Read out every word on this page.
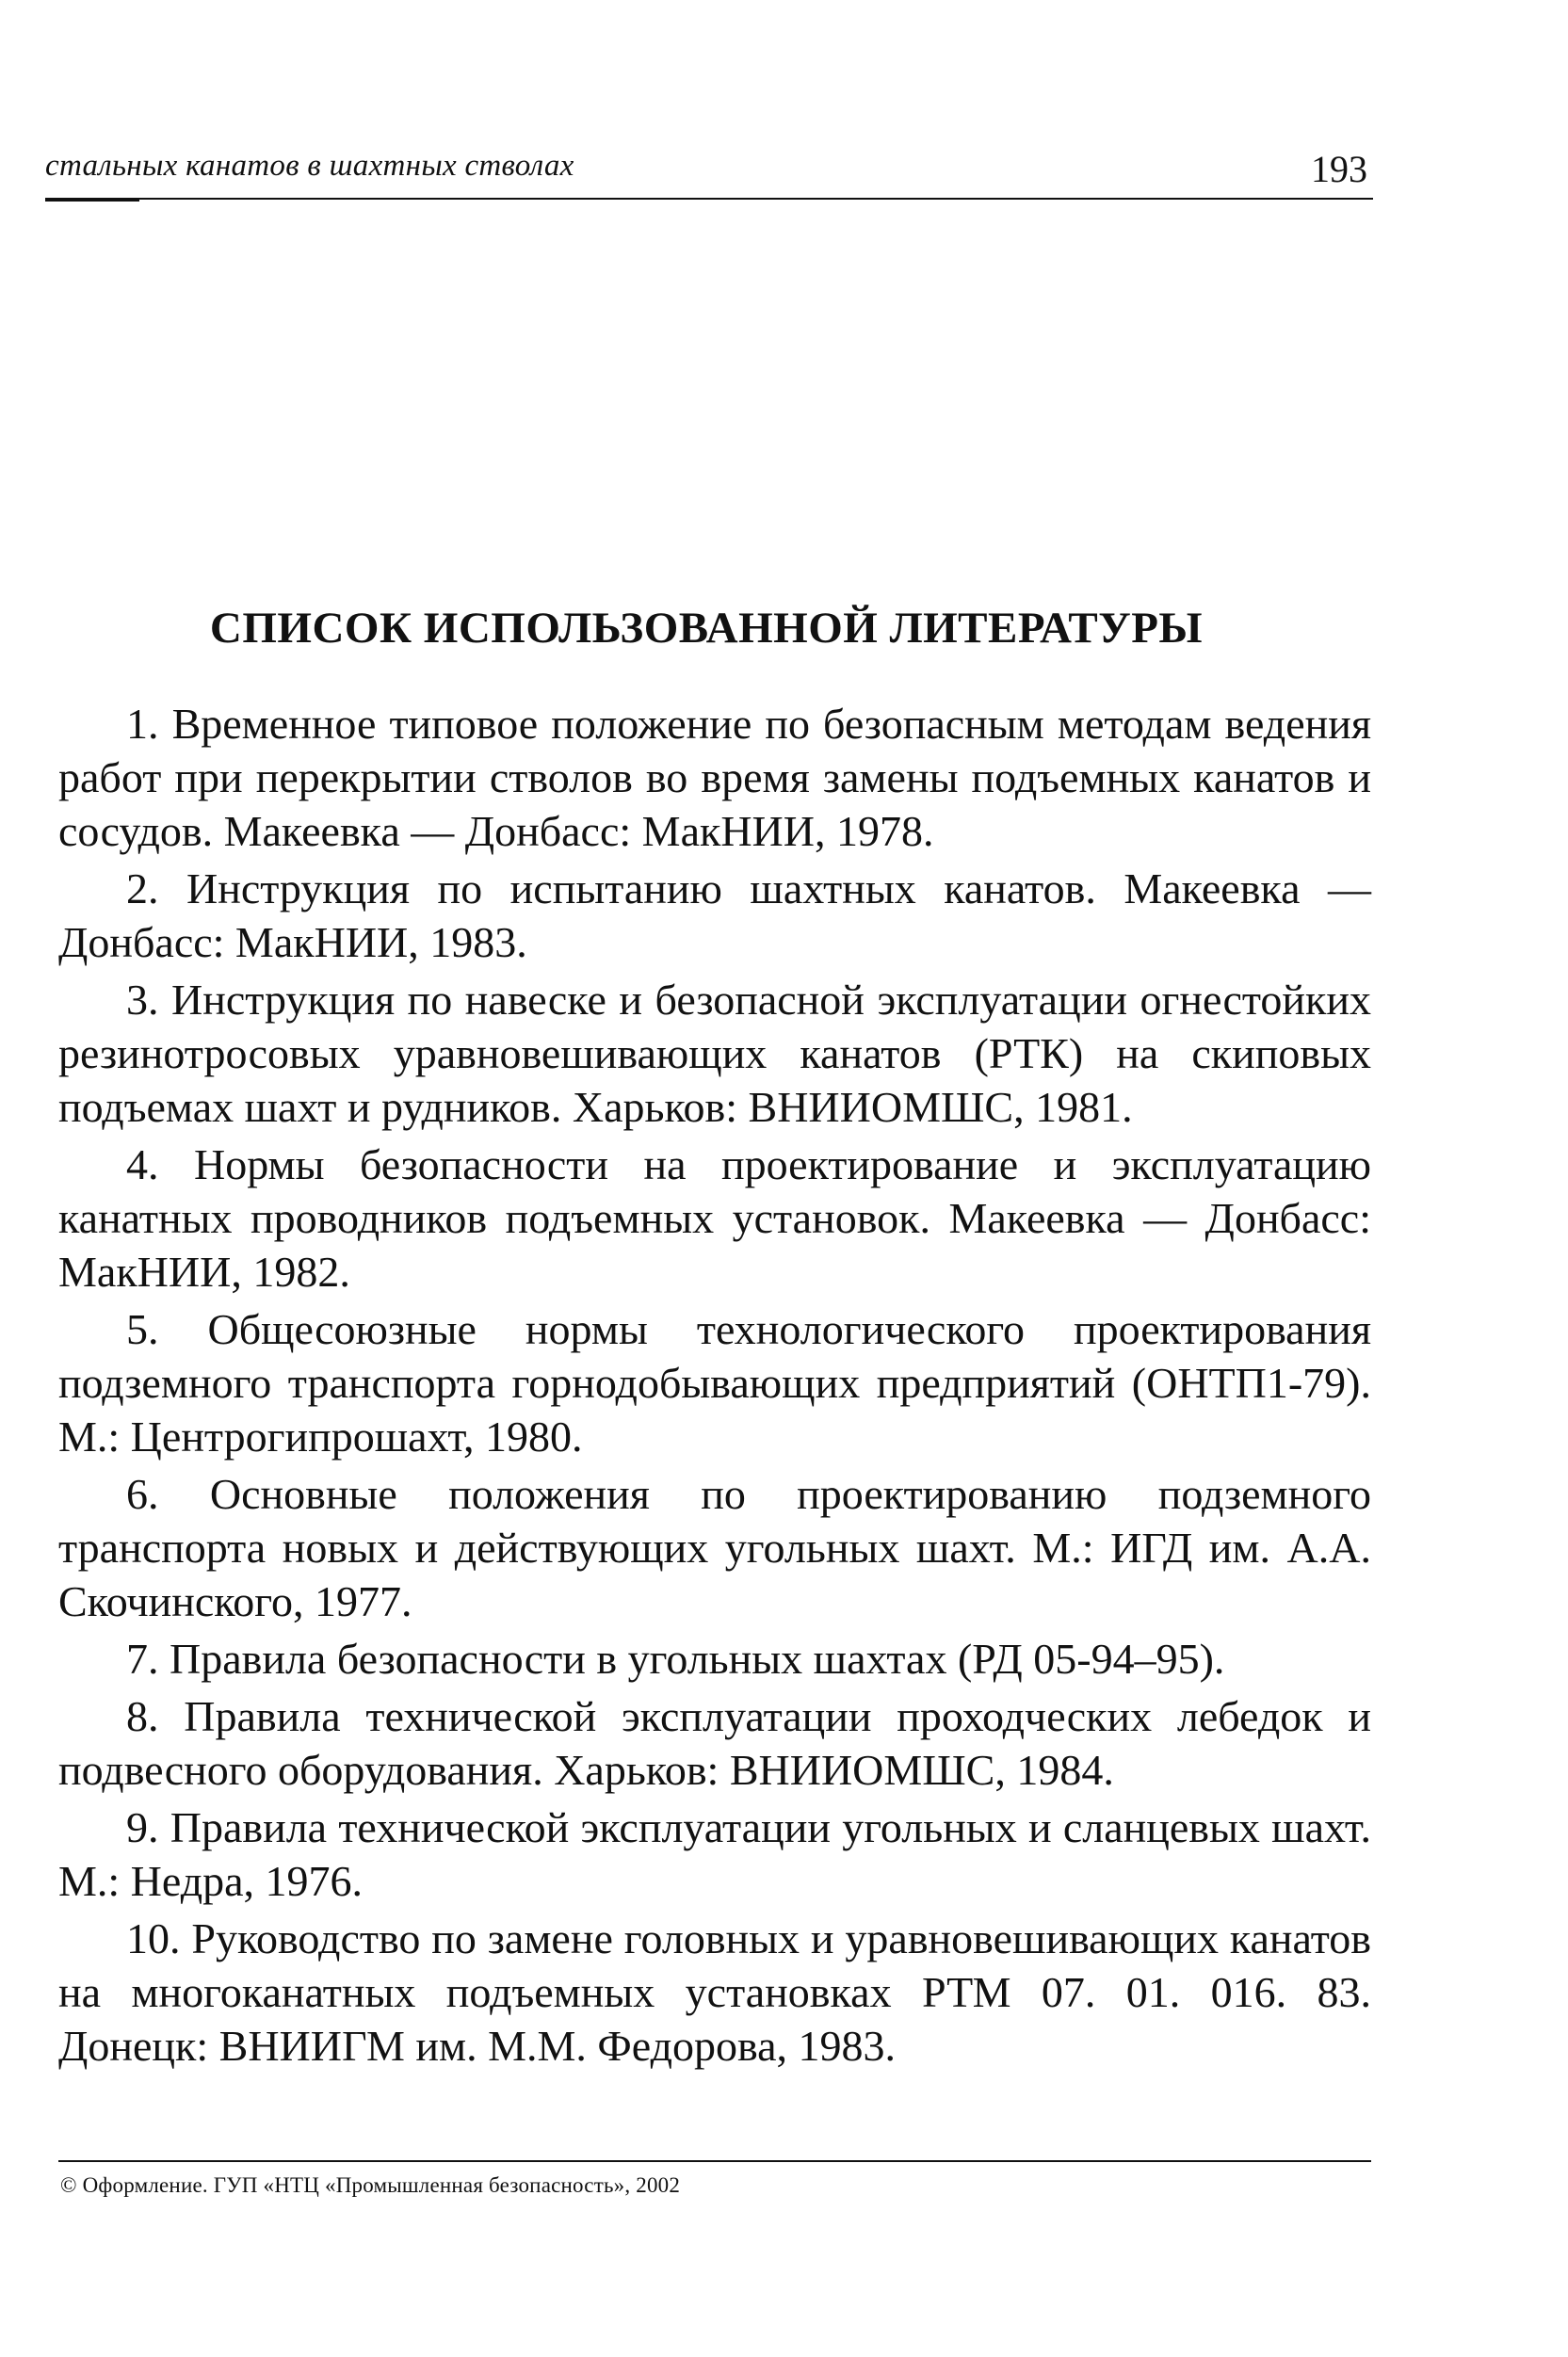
стальных канатов в шахтных стволах	193
СПИСОК ИСПОЛЬЗОВАННОЙ ЛИТЕРАТУРЫ
1. Временное типовое положение по безопасным методам ведения работ при перекрытии стволов во время замены подъемных канатов и сосудов. Макеевка — Донбасс: МакНИИ, 1978.
2. Инструкция по испытанию шахтных канатов. Макеевка — Донбасс: МакНИИ, 1983.
3. Инструкция по навеске и безопасной эксплуатации огнестойких резинотросовых уравновешивающих канатов (РТК) на скиповых подъемах шахт и рудников. Харьков: ВНИИОМШС, 1981.
4. Нормы безопасности на проектирование и эксплуатацию канатных проводников подъемных установок. Макеевка — Донбасс: МакНИИ, 1982.
5. Общесоюзные нормы технологического проектирования подземного транспорта горнодобывающих предприятий (ОНТП1-79). М.: Центрогипрошахт, 1980.
6. Основные положения по проектированию подземного транспорта новых и действующих угольных шахт. М.: ИГД им. А.А. Скочинского, 1977.
7. Правила безопасности в угольных шахтах (РД 05-94–95).
8. Правила технической эксплуатации проходческих лебедок и подвесного оборудования. Харьков: ВНИИОМШС, 1984.
9. Правила технической эксплуатации угольных и сланцевых шахт. М.: Недра, 1976.
10. Руководство по замене головных и уравновешивающих канатов на многоканатных подъемных установках РТМ 07. 01. 016. 83. Донецк: ВНИИГМ им. М.М. Федорова, 1983.
© Оформление. ГУП «НТЦ «Промышленная безопасность», 2002
